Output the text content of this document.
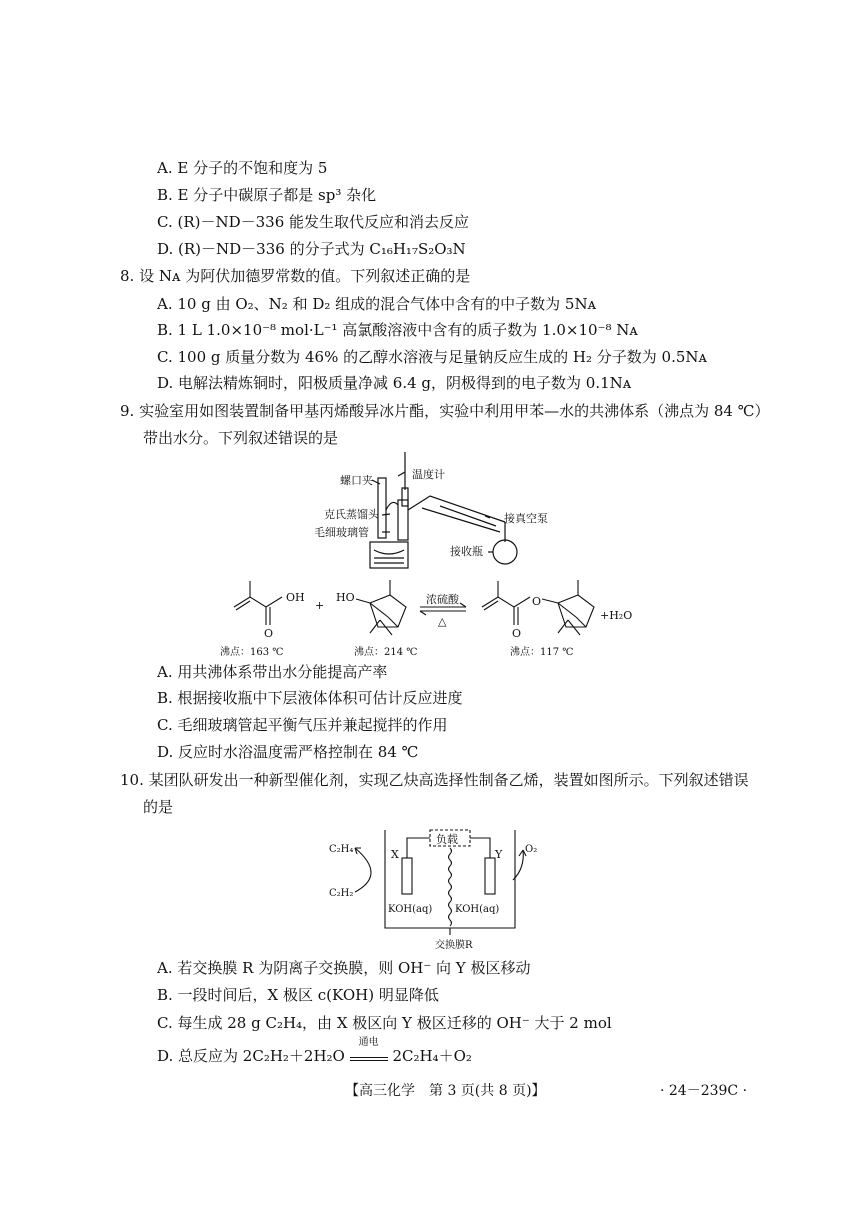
A. E 分子的不饱和度为 5
B. E 分子中碳原子都是 sp³ 杂化
C. (R)－ND－336 能发生取代反应和消去反应
D. (R)－ND－336 的分子式为 C₁₆H₁₇S₂O₃N
8. 设 Nᴀ 为阿伏加德罗常数的值。下列叙述正确的是
A. 10 g 由 O₂、N₂ 和 D₂ 组成的混合气体中含有的中子数为 5Nᴀ
B. 1 L 1.0×10⁻⁸ mol·L⁻¹ 高氯酸溶液中含有的质子数为 1.0×10⁻⁸ Nᴀ
C. 100 g 质量分数为 46% 的乙醇水溶液与足量钠反应生成的 H₂ 分子数为 0.5Nᴀ
D. 电解法精炼铜时，阳极质量净减 6.4 g，阴极得到的电子数为 0.1Nᴀ
9. 实验室用如图装置制备甲基丙烯酸异冰片酯，实验中利用甲苯—水的共沸体系（沸点为 84 ℃）
带出水分。下列叙述错误的是
螺口夹	温度计
克氏蒸馏头
毛细玻璃管
接真空泵
接收瓶
OH
O
+
HO	浓硫酸
△
O
O
+H₂O
沸点：163 ℃	沸点：214 ℃	沸点：117 ℃
A. 用共沸体系带出水分能提高产率
B. 根据接收瓶中下层液体体积可估计反应进度
C. 毛细玻璃管起平衡气压并兼起搅拌的作用
D. 反应时水浴温度需严格控制在 84 ℃
10. 某团队研发出一种新型催化剂，实现乙炔高选择性制备乙烯，装置如图所示。下列叙述错误
的是
负载
X	Y
C₂H₄
C₂H₂
O₂
KOH(aq) KOH(aq)
交换膜R
A. 若交换膜 R 为阴离子交换膜，则 OH⁻ 向 Y 极区移动
B. 一段时间后，X 极区 c(KOH) 明显降低
C. 每生成 28 g C₂H₄，由 X 极区向 Y 极区迁移的 OH⁻ 大于 2 mol
D. 总反应为 2C₂H₂＋2H₂O
通电
2C₂H₄＋O₂
【高三化学　第 3 页(共 8 页)】	· 24－239C ·
